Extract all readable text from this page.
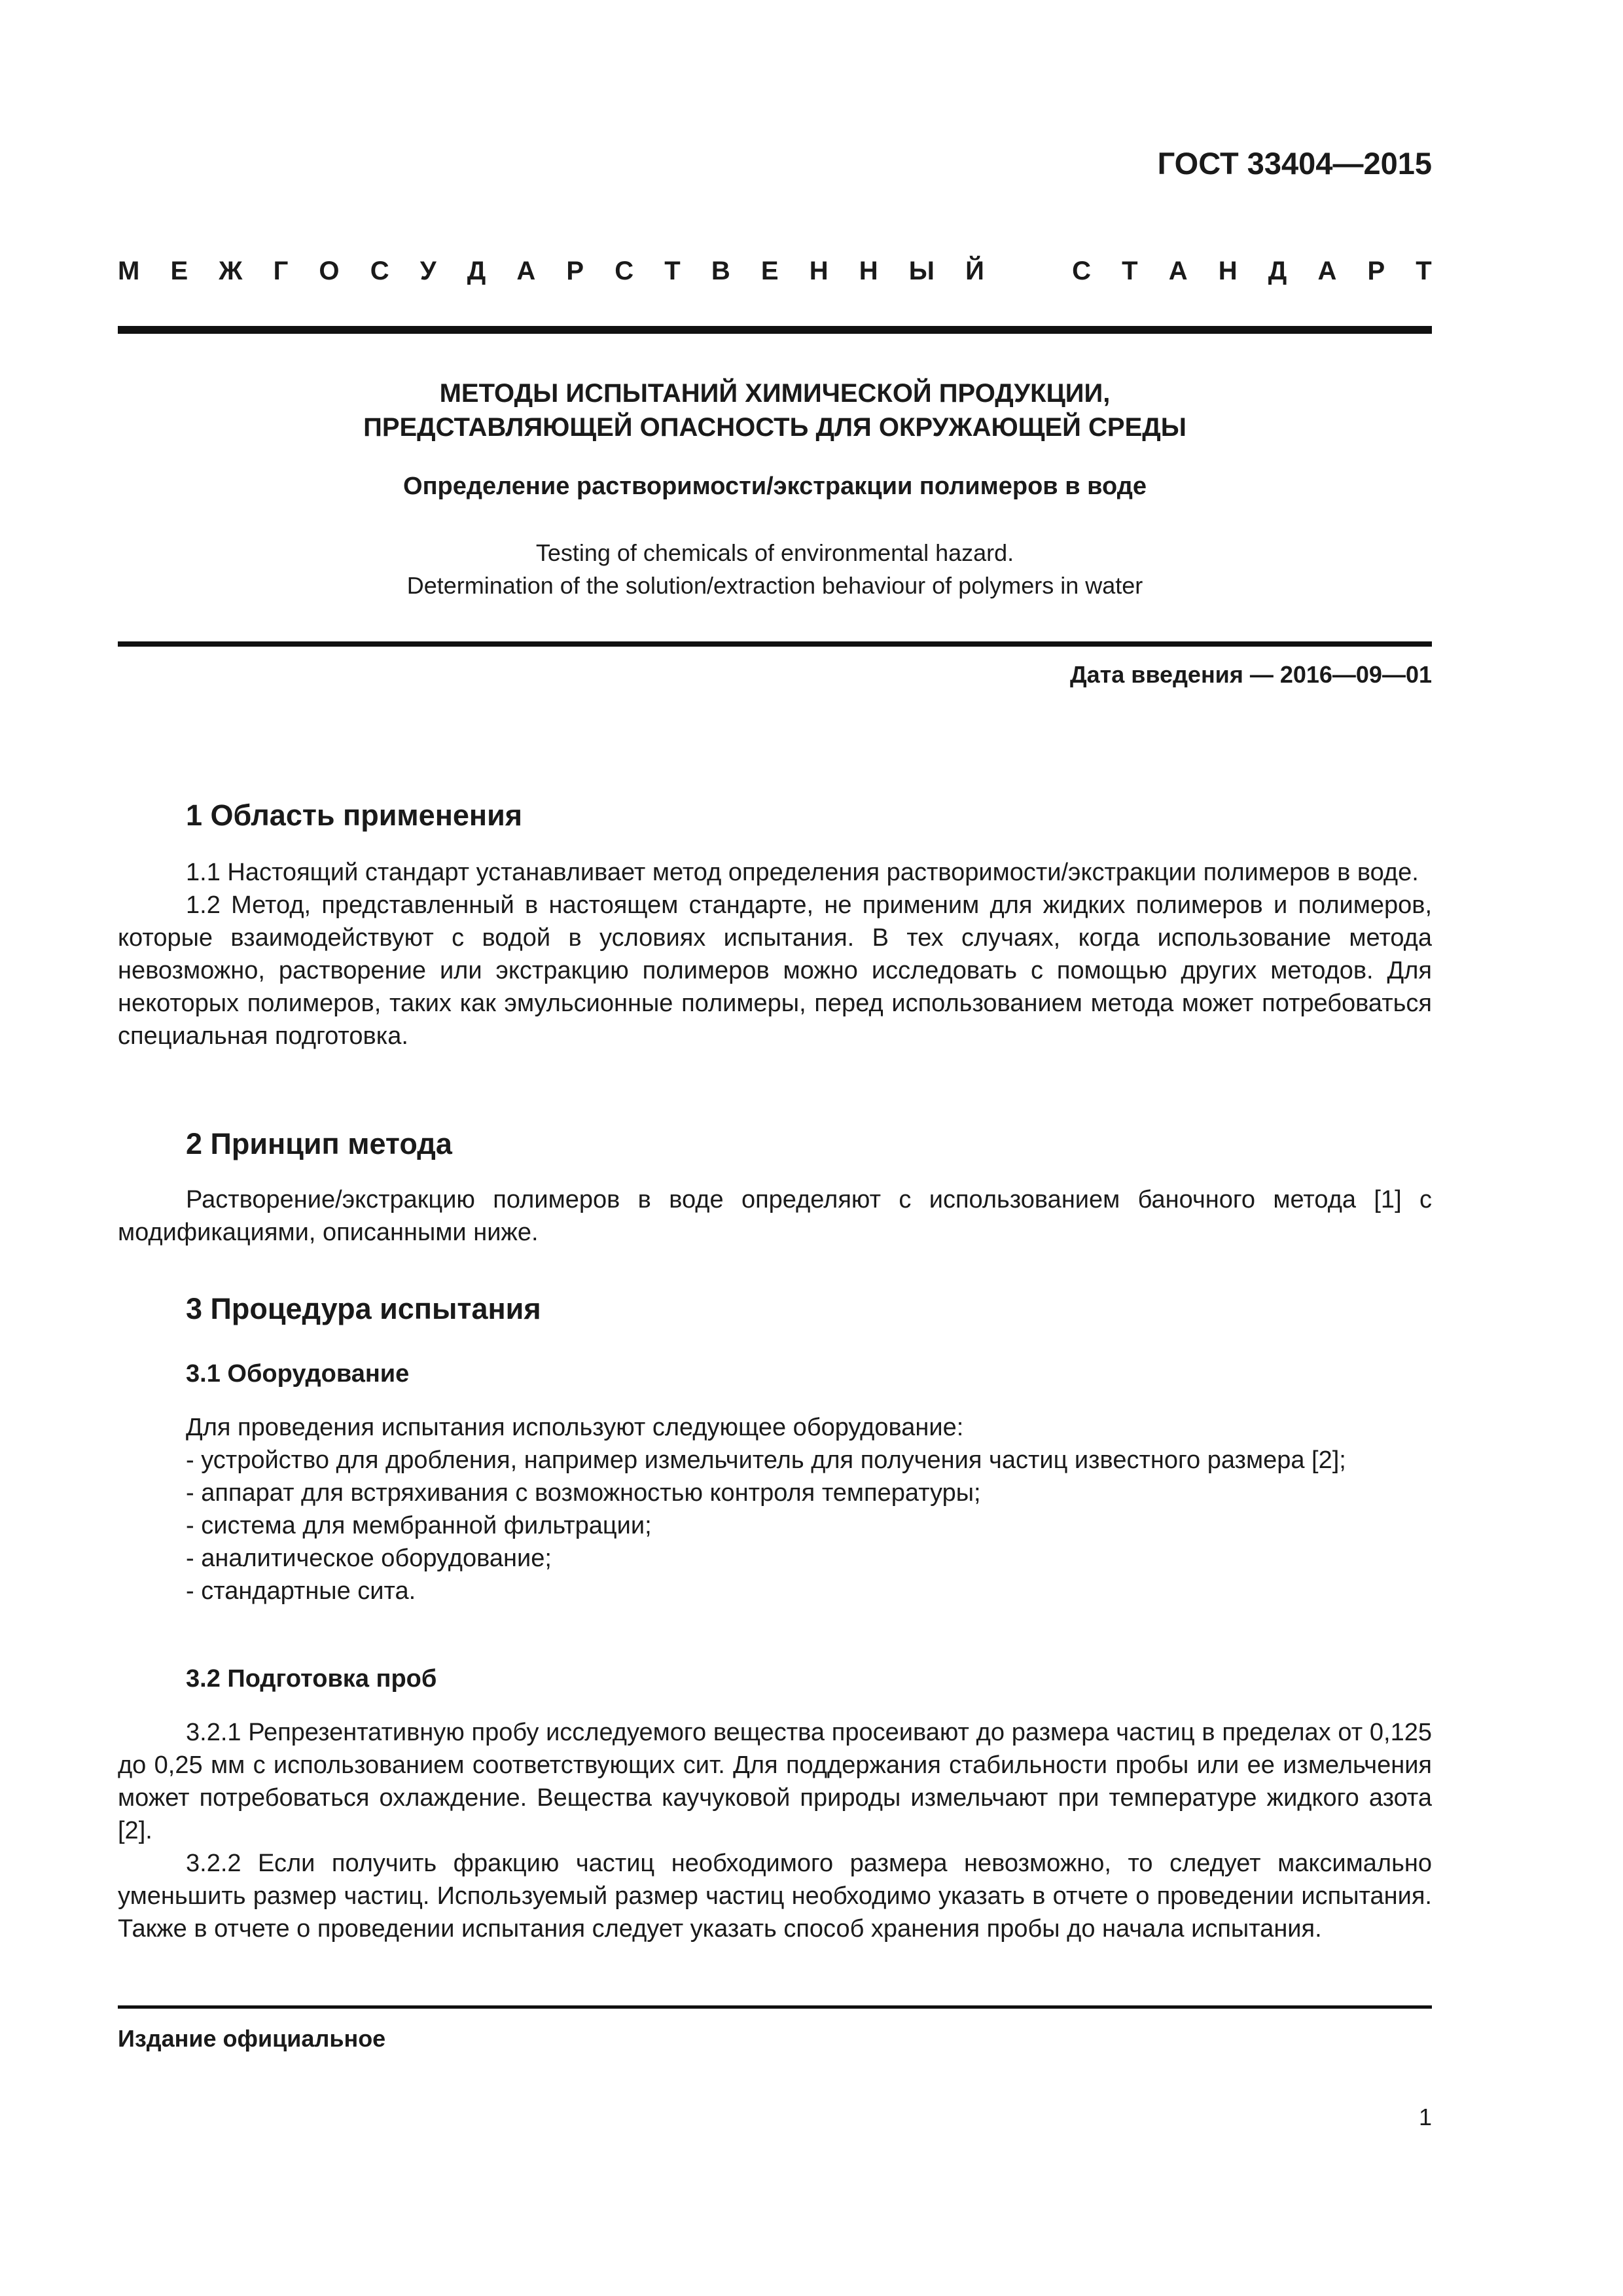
ГОСТ 33404—2015
М Е Ж Г О С У Д А Р С Т В Е Н Н Ы Й	С Т А Н Д А Р Т
МЕТОДЫ ИСПЫТАНИЙ ХИМИЧЕСКОЙ ПРОДУКЦИИ,
ПРЕДСТАВЛЯЮЩЕЙ ОПАСНОСТЬ ДЛЯ ОКРУЖАЮЩЕЙ СРЕДЫ
Определение растворимости/экстракции полимеров в воде
Testing of chemicals of environmental hazard.
Determination of the solution/extraction behaviour of polymers in water
Дата введения — 2016—09—01
1 Область применения

1.1 Настоящий стандарт устанавливает метод определения растворимости/экстракции полимеров в воде.

1.2 Метод, представленный в настоящем стандарте, не применим для жидких полимеров и полимеров, которые взаимодействуют с водой в условиях испытания. В тех случаях, когда использование метода невозможно, растворение или экстракцию полимеров можно исследовать с помощью других методов. Для некоторых полимеров, таких как эмульсионные полимеры, перед использованием метода может потребоваться специальная подготовка.

2 Принцип метода

Растворение/экстракцию полимеров в воде определяют с использованием баночного метода [1] с модификациями, описанными ниже.

3 Процедура испытания
3.1 Оборудование

Для проведения испытания используют следующее оборудование:

- устройство для дробления, например измельчитель для получения частиц известного размера [2];

- аппарат для встряхивания с возможностью контроля температуры;

- система для мембранной фильтрации;

- аналитическое оборудование;

- стандартные сита.

3.2 Подготовка проб

3.2.1 Репрезентативную пробу исследуемого вещества просеивают до размера частиц в пределах от 0,125 до 0,25 мм с использованием соответствующих сит. Для поддержания стабильности пробы или ее измельчения может потребоваться охлаждение. Вещества каучуковой природы измельчают при температуре жидкого азота [2].

3.2.2 Если получить фракцию частиц необходимого размера невозможно, то следует максимально уменьшить размер частиц. Используемый размер частиц необходимо указать в отчете о проведении испытания. Также в отчете о проведении испытания следует указать способ хранения пробы до начала испытания.

Издание официальное
1
